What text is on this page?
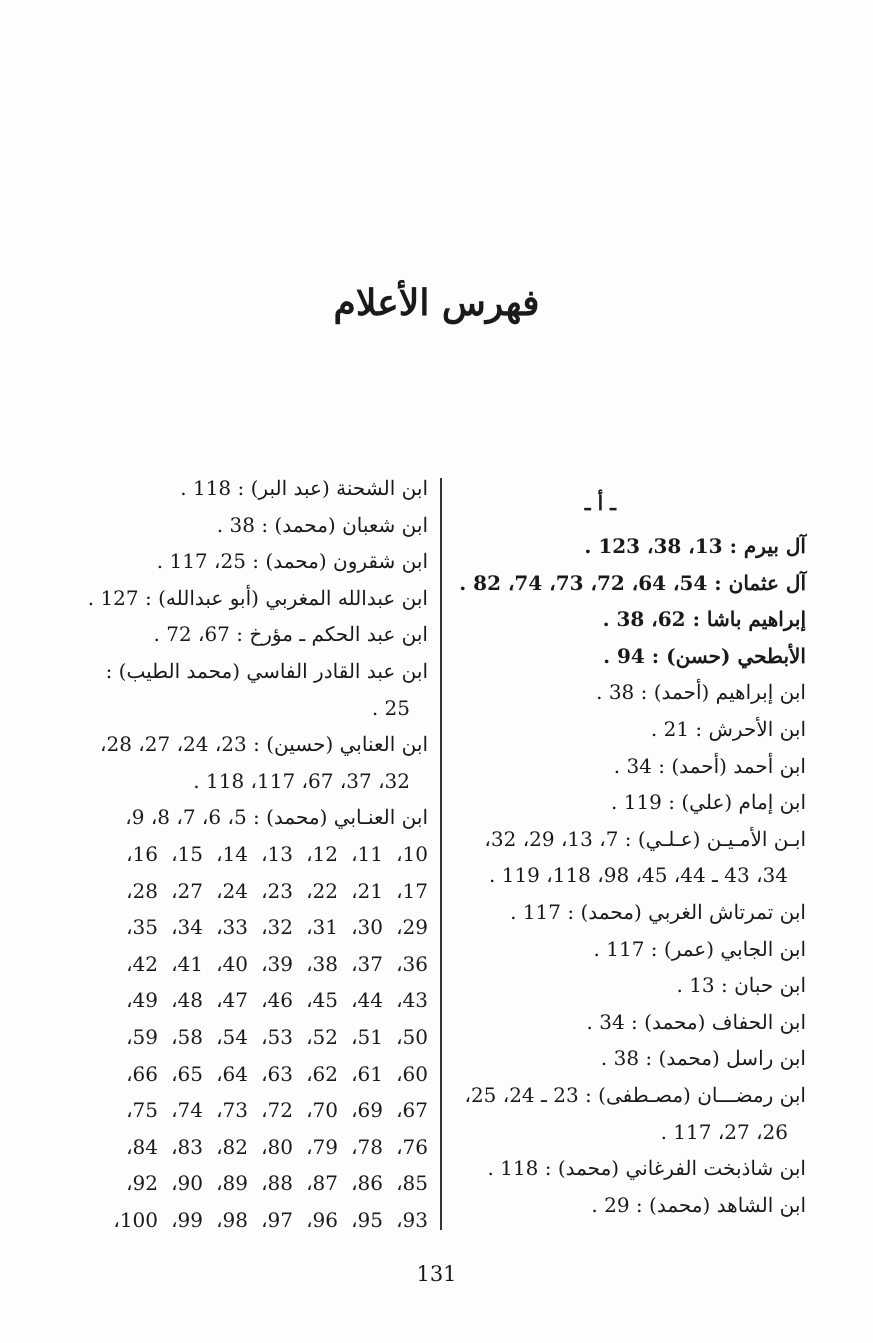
فهرس الأعلام
ـ أ ـ
آل بيرم : 13، 38، 123 .
آل عثمان : 54، 64، 72، 73، 74، 82 .
إبراهيم باشا : 62، 38 .
الأبطحي (حسن) : 94 .
ابن إبراهيم (أحمد) : 38 .
ابن الأحرش : 21 .
ابن أحمد (أحمد) : 34 .
ابن إمام (علي) : 119 .
ابـن الأمـيـن (عـلـي) : 7، 13، 29، 32،
34، 43 ـ 44، 45، 98، 118، 119 .
ابن تمرتاش الغربي (محمد) : 117 .
ابن الجابي (عمر) : 117 .
ابن حبان : 13 .
ابن الحفاف (محمد) : 34 .
ابن راسل (محمد) : 38 .
ابن رمضـــان (مصـطفى) : 23 ـ 24، 25،
26، 27، 117 .
ابن شاذبخت الفرغاني (محمد) : 118 .
ابن الشاهد (محمد) : 29 .
ابن الشحنة (عبد البر) : 118 .
ابن شعبان (محمد) : 38 .
ابن شقرون (محمد) : 25، 117 .
ابن عبدالله المغربي (أبو عبدالله) : 127 .
ابن عبد الحكم ـ مؤرخ : 67، 72 .
ابن عبد القادر الفاسي (محمد الطيب) :
25 .
ابن العنابي (حسين) : 23، 24، 27، 28،
32، 37، 67، 117، 118 .
ابن العنـابي (محمد) : 5، 6، 7، 8، 9،
10،
11،
12،
13،
14،
15،
16،
17،
21،
22،
23،
24،
27،
28،
29،
30،
31،
32،
33،
34،
35،
36،
37،
38،
39،
40،
41،
42،
43،
44،
45،
46،
47،
48،
49،
50،
51،
52،
53،
54،
58،
59،
60،
61،
62،
63،
64،
65،
66،
67،
69،
70،
72،
73،
74،
75،
76،
78،
79،
80،
82،
83،
84،
85،
86،
87،
88،
89،
90،
92،
93،
95،
96،
97،
98،
99،
100،
131
